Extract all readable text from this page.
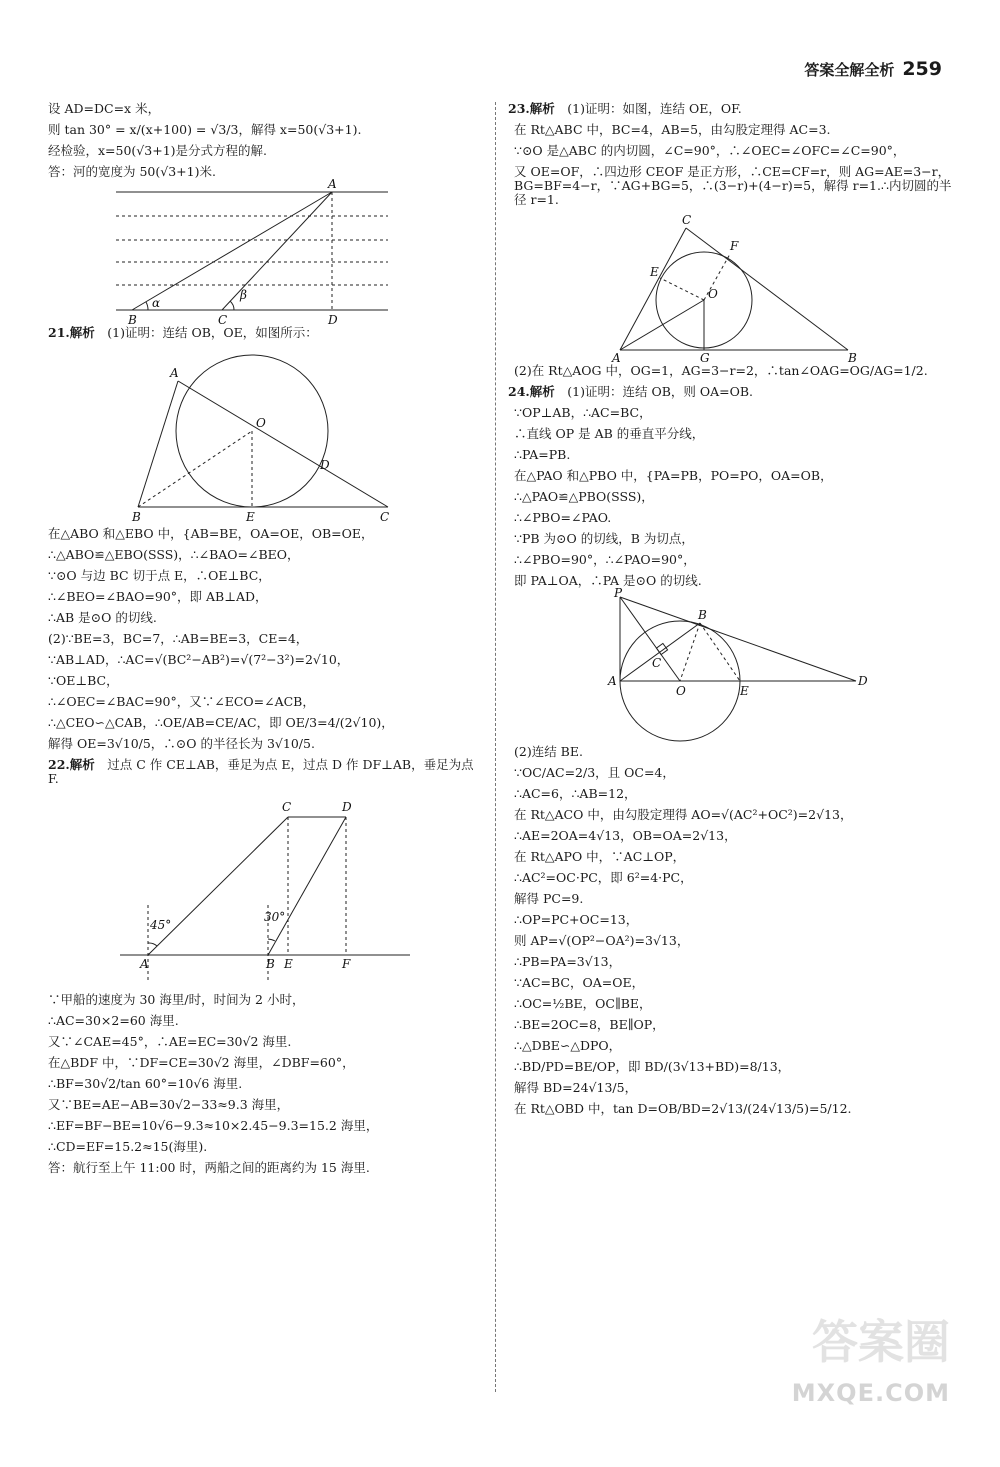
答案全解全析 259

设 AD=DC=x 米，

则 tan 30° = x/(x+100) = √3/3，解得 x=50(√3+1).

经检验，x=50(√3+1)是分式方程的解.

答：河的宽度为 50(√3+1)米.

A
B	C	D
α
β

21.解析　 (1)证明：连结 OB，OE，如图所示：

A
O
D
B	E	C

在△ABO 和△EBO 中，{AB=BE，OA=OE，OB=OE，

∴△ABO≌△EBO(SSS)，∴∠BAO=∠BEO，

∵⊙O 与边 BC 切于点 E，∴OE⊥BC，

∴∠BEO=∠BAO=90°，即 AB⊥AD，

∴AB 是⊙O 的切线.

(2)∵BE=3，BC=7，∴AB=BE=3，CE=4，

∵AB⊥AD，∴AC=√(BC²−AB²)=√(7²−3²)=2√10，

∵OE⊥BC，

∴∠OEC=∠BAC=90°，又∵∠ECO=∠ACB，

∴△CEO∽△CAB，∴OE/AB=CE/AC，即 OE/3=4/(2√10)，

解得 OE=3√10/5，∴⊙O 的半径长为 3√10/5.

22.解析　 过点 C 作 CE⊥AB，垂足为点 E，过点 D 作 DF⊥AB，垂足为点 F.

C	D
A	B E	F
45°
30°

∵甲船的速度为 30 海里/时，时间为 2 小时，

∴AC=30×2=60 海里.

又∵∠CAE=45°，∴AE=EC=30√2 海里.

在△BDF 中，∵DF=CE=30√2 海里，∠DBF=60°，

∴BF=30√2/tan 60°=10√6 海里.

又∵BE=AE−AB=30√2−33≈9.3 海里，

∴EF=BF−BE=10√6−9.3≈10×2.45−9.3=15.2 海里，

∴CD=EF=15.2≈15(海里).

答：航行至上午 11:00 时，两船之间的距离约为 15 海里.

23.解析　 (1)证明：如图，连结 OE，OF.

在 Rt△ABC 中，BC=4，AB=5，由勾股定理得 AC=3.

∵⊙O 是△ABC 的内切圆，∠C=90°，∴∠OEC=∠OFC=∠C=90°，

又 OE=OF，∴四边形 CEOF 是正方形，∴CE=CF=r，则 AG=AE=3−r，BG=BF=4−r，∵AG+BG=5，∴(3−r)+(4−r)=5，解得 r=1.∴内切圆的半径 r=1.

C
F
E
O
A	G	B

(2)在 Rt△AOG 中，OG=1，AG=3−r=2，∴tan∠OAG=OG/AG=1/2.

24.解析　 (1)证明：连结 OB，则 OA=OB.

∵OP⊥AB，∴AC=BC，

∴直线 OP 是 AB 的垂直平分线，

∴PA=PB.

在△PAO 和△PBO 中，{PA=PB，PO=PO，OA=OB，

∴△PAO≌△PBO(SSS)，

∴∠PBO=∠PAO.

∵PB 为⊙O 的切线，B 为切点，

∴∠PBO=90°，∴∠PAO=90°，

即 PA⊥OA，∴PA 是⊙O 的切线.

P
B
C
A
O	E
D

(2)连结 BE.

∵OC/AC=2/3，且 OC=4，

∴AC=6，∴AB=12，

在 Rt△ACO 中，由勾股定理得 AO=√(AC²+OC²)=2√13，

∴AE=2OA=4√13，OB=OA=2√13，

在 Rt△APO 中，∵AC⊥OP，

∴AC²=OC·PC，即 6²=4·PC，

解得 PC=9.

∴OP=PC+OC=13，

则 AP=√(OP²−OA²)=3√13，

∴PB=PA=3√13，

∵AC=BC，OA=OE，

∴OC=½BE，OC∥BE，

∴BE=2OC=8，BE∥OP，

∴△DBE∽△DPO，

∴BD/PD=BE/OP，即 BD/(3√13+BD)=8/13，

解得 BD=24√13/5，

在 Rt△OBD 中，tan D=OB/BD=2√13/(24√13/5)=5/12.

答案圈
MXQE.COM
